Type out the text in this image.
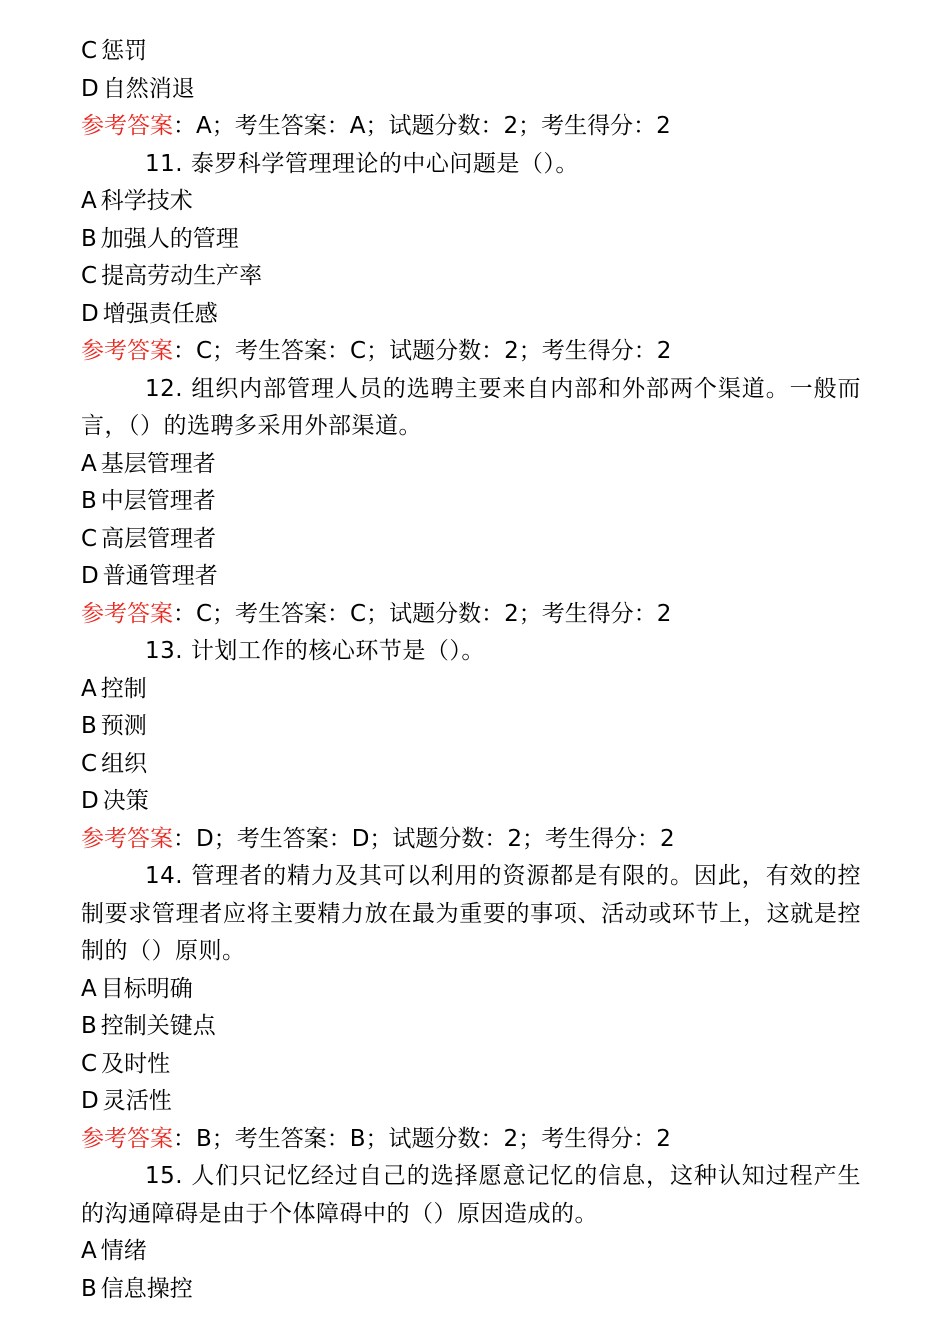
C 惩罚
D 自然消退
参考答案：A；考生答案：A；试题分数：2；考生得分：2
11. 泰罗科学管理理论的中心问题是（）。
A 科学技术
B 加强人的管理
C 提高劳动生产率
D 增强责任感
参考答案：C；考生答案：C；试题分数：2；考生得分：2
12. 组织内部管理人员的选聘主要来自内部和外部两个渠道。一般而言，（）的选聘多采用外部渠道。
A 基层管理者
B 中层管理者
C 高层管理者
D 普通管理者
参考答案：C；考生答案：C；试题分数：2；考生得分：2
13. 计划工作的核心环节是（）。
A 控制
B 预测
C 组织
D 决策
参考答案：D；考生答案：D；试题分数：2；考生得分：2
14. 管理者的精力及其可以利用的资源都是有限的。因此，有效的控制要求管理者应将主要精力放在最为重要的事项、活动或环节上，这就是控制的（）原则。
A 目标明确
B 控制关键点
C 及时性
D 灵活性
参考答案：B；考生答案：B；试题分数：2；考生得分：2
15. 人们只记忆经过自己的选择愿意记忆的信息，这种认知过程产生的沟通障碍是由于个体障碍中的（）原因造成的。
A 情绪
B 信息操控
